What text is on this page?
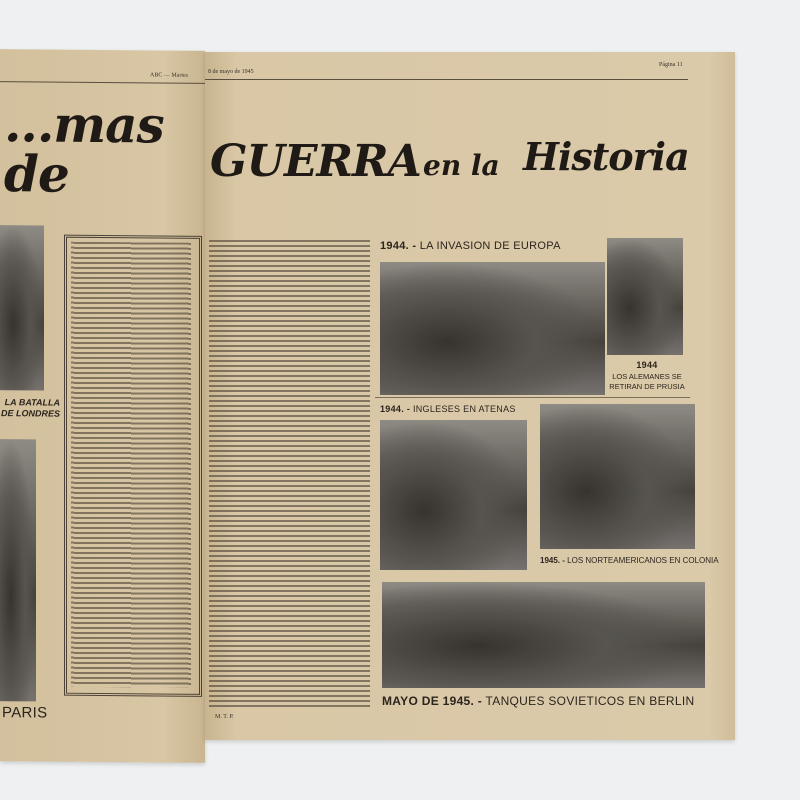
ABC — Martes
...mas de
LA BATALLA DE LONDRES
PARIS
8 de mayo de 1945
Página 11
GUERRA en la Historia
M. T. P.
1944. - LA INVASION DE EUROPA
1944
LOS ALEMANES SE RETIRAN DE PRUSIA
1944. - INGLESES EN ATENAS
1945. - LOS NORTEAMERICANOS EN COLONIA
MAYO DE 1945. - TANQUES SOVIETICOS EN BERLIN
